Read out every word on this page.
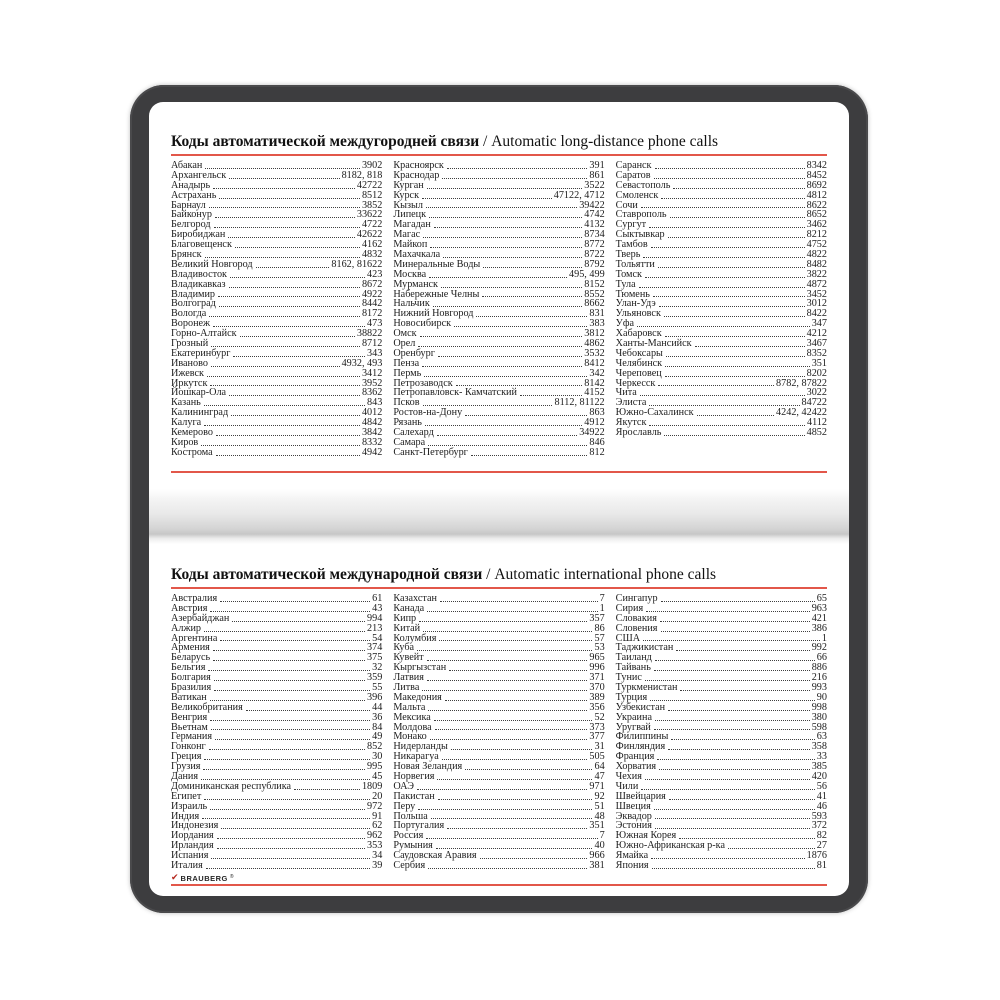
Коды автоматической междугородней связи / Automatic long-distance phone calls
Абакан	3902
Архангельск	8182, 818
Анадырь	42722
Астрахань	8512
Барнаул	3852
Байконур	33622
Белгород	4722
Биробиджан	42622
Благовещенск	4162
Брянск	4832
Великий Новгород	8162, 81622
Владивосток	423
Владикавказ	8672
Владимир	4922
Волгоград	8442
Вологда	8172
Воронеж	473
Горно-Алтайск	38822
Грозный	8712
Екатеринбург	343
Иваново	4932, 493
Ижевск	3412
Иркутск	3952
Йошкар-Ола	8362
Казань	843
Калининград	4012
Калуга	4842
Кемерово	3842
Киров	8332
Кострома	4942
Красноярск	391
Краснодар	861
Курган	3522
Курск	47122, 4712
Кызыл	39422
Липецк	4742
Магадан	4132
Магас	8734
Майкоп	8772
Махачкала	8722
Минеральные Воды	8792
Москва	495, 499
Мурманск	8152
Набережные Челны	8552
Нальчик	8662
Нижний Новгород	831
Новосибирск	383
Омск	3812
Орел	4862
Оренбург	3532
Пенза	8412
Пермь	342
Петрозаводск	8142
Петропавловск- Камчатский	4152
Псков	8112, 81122
Ростов-на-Дону	863
Рязань	4912
Салехард	34922
Самара	846
Санкт-Петербург	812
Саранск	8342
Саратов	8452
Севастополь	8692
Смоленск	4812
Сочи	8622
Ставрополь	8652
Сургут	3462
Сыктывкар	8212
Тамбов	4752
Тверь	4822
Тольятти	8482
Томск	3822
Тула	4872
Тюмень	3452
Улан-Удэ	3012
Ульяновск	8422
Уфа	347
Хабаровск	4212
Ханты-Мансийск	3467
Чебоксары	8352
Челябинск	351
Череповец	8202
Черкесск	8782, 87822
Чита	3022
Элиста	84722
Южно-Сахалинск	4242, 42422
Якутск	4112
Ярославль	4852
Коды автоматической международной связи / Automatic international phone calls
Австралия	61
Австрия	43
Азербайджан	994
Алжир	213
Аргентина	54
Армения	374
Беларусь	375
Бельгия	32
Болгария	359
Бразилия	55
Ватикан	396
Великобритания	44
Венгрия	36
Вьетнам	84
Германия	49
Гонконг	852
Греция	30
Грузия	995
Дания	45
Доминиканская республика	1809
Египет	20
Израиль	972
Индия	91
Индонезия	62
Иордания	962
Ирландия	353
Испания	34
Италия	39
Казахстан	7
Канада	1
Кипр	357
Китай	86
Колумбия	57
Куба	53
Кувейт	965
Кыргызстан	996
Латвия	371
Литва	370
Македония	389
Мальта	356
Мексика	52
Молдова	373
Монако	377
Нидерланды	31
Никарагуа	505
Новая Зеландия	64
Норвегия	47
ОАЭ	971
Пакистан	92
Перу	51
Польша	48
Португалия	351
Россия	7
Румыния	40
Саудовская Аравия	966
Сербия	381
Сингапур	65
Сирия	963
Словакия	421
Словения	386
США	1
Таджикистан	992
Таиланд	66
Тайвань	886
Тунис	216
Туркменистан	993
Турция	90
Узбекистан	998
Украина	380
Уругвай	598
Филиппины	63
Финляндия	358
Франция	33
Хорватия	385
Чехия	420
Чили	56
Швейцария	41
Швеция	46
Эквадор	593
Эстония	372
Южная Корея	82
Южно-Африканская р-ка	27
Ямайка	1876
Япония	81
✔ BRAUBERG ®
